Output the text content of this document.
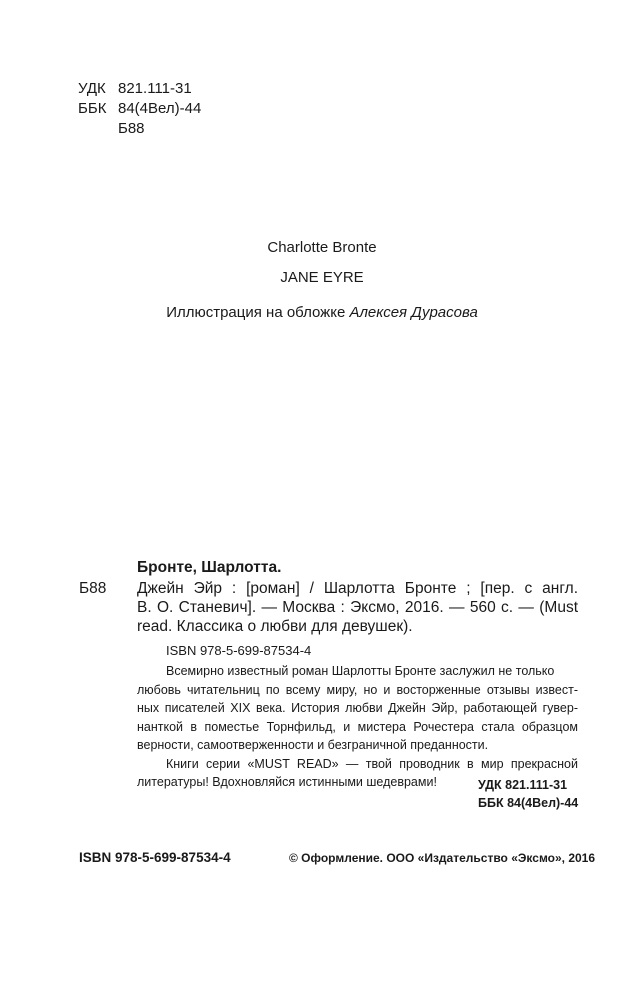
УДК 821.111-31
ББК 84(4Вел)-44
Б88
Charlotte Bronte
JANE EYRE
Иллюстрация на обложке Алексея Дурасова
Бронте, Шарлотта.
Б88 Джейн Эйр : [роман] / Шарлотта Бронте ; [пер. с англ.
В. О. Станевич]. — Москва : Эксмо, 2016. — 560 с. — (Must
read. Классика о любви для девушек).
ISBN 978-5-699-87534-4
Всемирно известный роман Шарлотты Бронте заслужил не только
любовь читательниц по всему миру, но и восторженные отзывы извест-
ных писателей XIX века. История любви Джейн Эйр, работающей гувер-
нанткой в поместье Торнфильд, и мистера Рочестера стала образцом
верности, самоотверженности и безграничной преданности.
Книги серии «MUST READ» — твой проводник в мир прекрасной
литературы! Вдохновляйся истинными шедеврами!	УДК 821.111-31
ББК 84(4Вел)-44
ISBN 978-5-699-87534-4	© Оформление. ООО «Издательство «Эксмо», 2016
